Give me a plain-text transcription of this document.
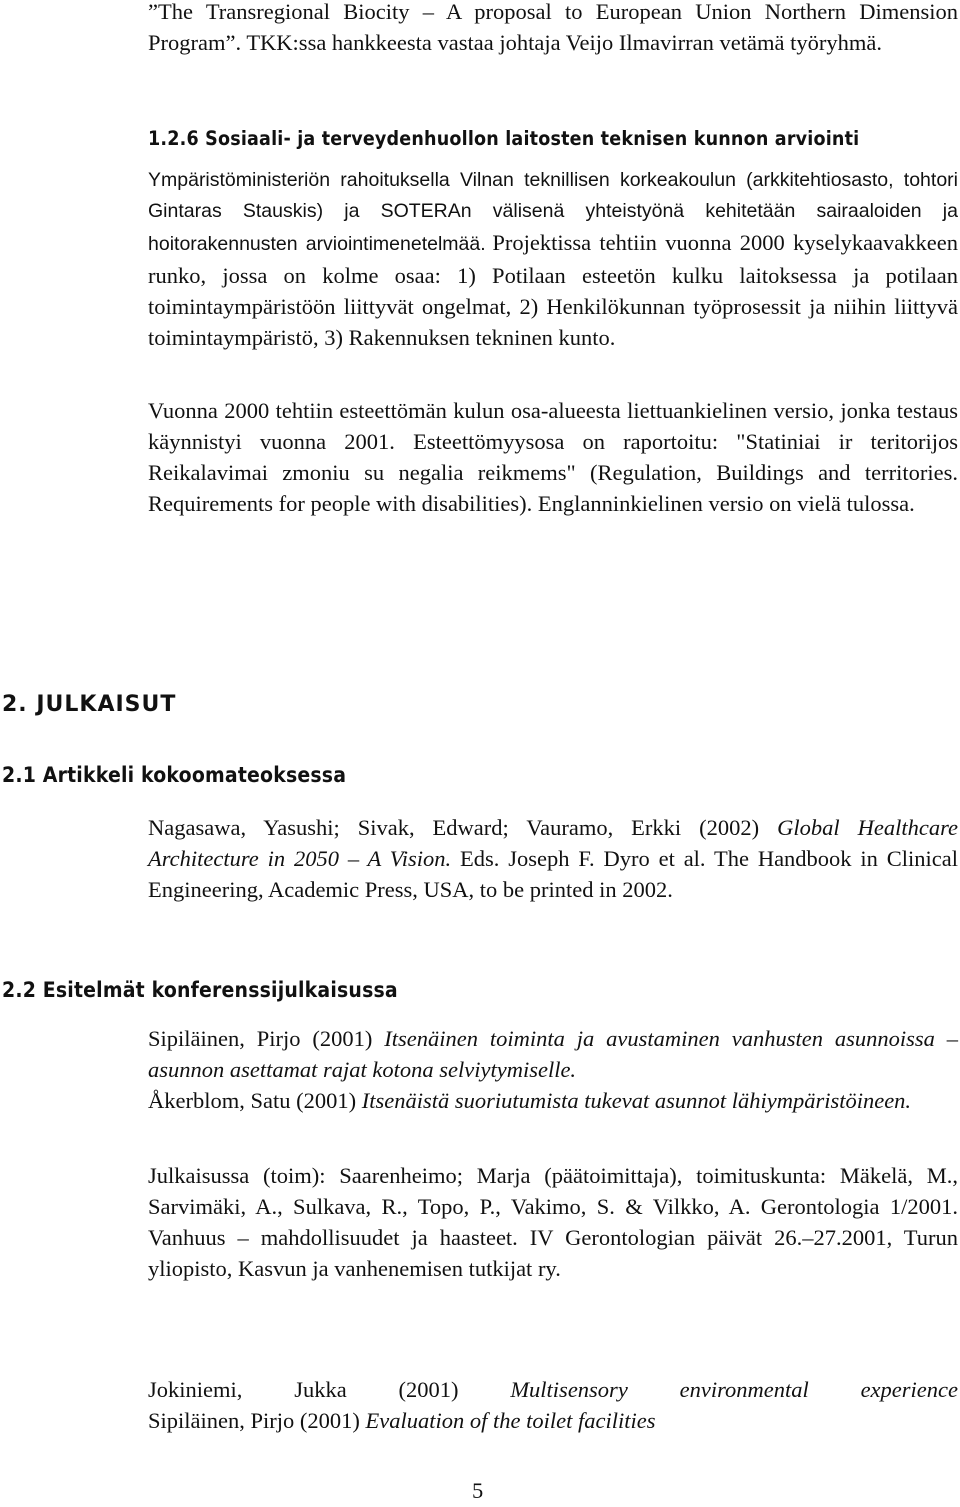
”The Transregional Biocity – A proposal to European Union Northern Dimension Program”. TKK:ssa hankkeesta vastaa johtaja Veijo Ilmavirran vetämä työryhmä.

1.2.6 Sosiaali- ja terveydenhuollon laitosten teknisen kunnon arviointi

Ympäristöministeriön rahoituksella Vilnan teknillisen korkeakoulun (arkkitehtiosasto, tohtori Gintaras Stauskis) ja SOTERAn välisenä yhteistyönä kehitetään sairaaloiden ja hoitorakennusten arviointimenetelmää. Projektissa tehtiin vuonna 2000 kyselykaavakkeen runko, jossa on kolme osaa: 1) Potilaan esteetön kulku laitoksessa ja potilaan toimintaympäristöön liittyvät ongelmat, 2) Henkilökunnan työprosessit ja niihin liittyvä toimintaympäristö, 3) Rakennuksen tekninen kunto.

Vuonna 2000 tehtiin esteettömän kulun osa-alueesta liettuankielinen versio, jonka testaus käynnistyi vuonna 2001. Esteettömyysosa on raportoitu: "Statiniai ir teritorijos Reikalavimai zmoniu su negalia reikmems" (Regulation, Buildings and territories. Requirements for people with disabilities). Englanninkielinen versio on vielä tulossa.

2. JULKAISUT
2.1 Artikkeli kokoomateoksessa

Nagasawa, Yasushi; Sivak, Edward; Vauramo, Erkki (2002) Global Healthcare Architecture in 2050 – A Vision. Eds. Joseph F. Dyro et al. The Handbook in Clinical Engineering, Academic Press, USA, to be printed in 2002.

2.2 Esitelmät konferenssijulkaisussa

Sipiläinen, Pirjo (2001) Itsenäinen toiminta ja avustaminen vanhusten asunnoissa – asunnon asettamat rajat kotona selviytymiselle.

Åkerblom, Satu (2001) Itsenäistä suoriutumista tukevat asunnot lähiympäristöineen.

Julkaisussa (toim): Saarenheimo; Marja (päätoimittaja), toimituskunta: Mäkelä, M., Sarvimäki, A., Sulkava, R., Topo, P., Vakimo, S. & Vilkko, A. Gerontologia 1/2001. Vanhuus – mahdollisuudet ja haasteet. IV Gerontologian päivät 26.–27.2001, Turun yliopisto, Kasvun ja vanhenemisen tutkijat ry.

Jokiniemi, Jukka (2001) Multisensory environmental experience

Sipiläinen, Pirjo (2001) Evaluation of the toilet facilities

5
